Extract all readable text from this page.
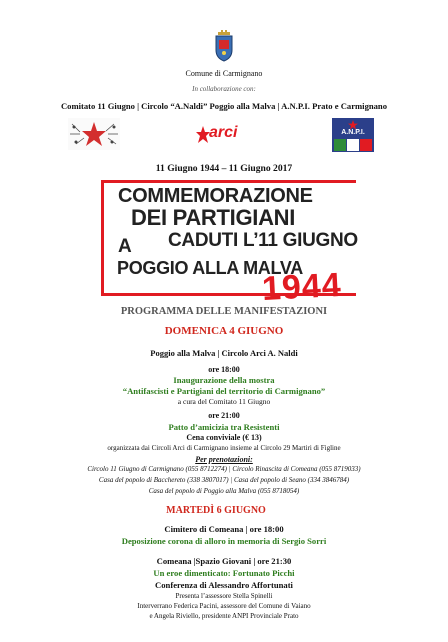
Comune di Carmignano
In collaborazione con:
Comitato 11 Giugno | Circolo “A.Naldi” Poggio alla Malva | A.N.P.I. Prato e Carmignano
arci	A.N.P.I.
11 Giugno 1944 – 11 Giugno 2017
COMMEMORAZIONE
DEI PARTIGIANI
A CADUTI L’11 GIUGNO
POGGIO ALLA MALVA
1944
PROGRAMMA DELLE MANIFESTAZIONI
DOMENICA 4 GIUGNO
Poggio alla Malva | Circolo Arci A. Naldi
ore 18:00
Inaugurazione della mostra
“Antifascisti e Partigiani del territorio di Carmignano”
a cura del Comitato 11 Giugno
ore 21:00
Patto d’amicizia tra Resistenti
Cena conviviale (€ 13)
organizzata dai Circoli Arci di Carmignano insieme al Circolo 29 Martiri di Figline
Per prenotazioni:
Circolo 11 Giugno di Carmignano (055 8712274) | Circolo Rinascita di Comeana (055 8719033)
Casa del popolo di Bacchereto (338 3807017) | Casa del popolo di Seano (334 3846784)
Casa del popolo di Poggio alla Malva (055 8718054)
MARTEDÌ 6 GIUGNO
Cimitero di Comeana | ore 18:00
Deposizione corona di alloro in memoria di Sergio Sorri
Comeana |Spazio Giovani | ore 21:30
Un eroe dimenticato: Fortunato Picchi
Conferenza di Alessandro Affortunati
Presenta l’assessore Stella Spinelli
Interverrano Federica Pacini, assessore del Comune di Vaiano
e Angela Riviello, presidente ANPI Provinciale Prato
